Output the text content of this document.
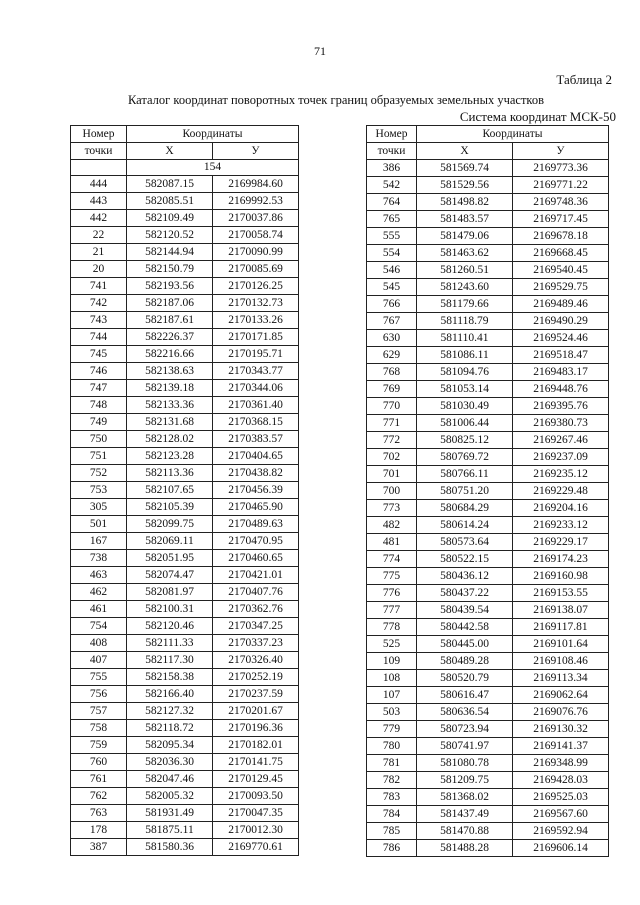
71
Таблица 2
Каталог координат поворотных точек границ образуемых земельных участков
Система координат МСК-50
Номер	Координаты	
точки	X	У
	154	
444	582087.15	2169984.60
443	582085.51	2169992.53
442	582109.49	2170037.86
22	582120.52	2170058.74
21	582144.94	2170090.99
20	582150.79	2170085.69
741	582193.56	2170126.25
742	582187.06	2170132.73
743	582187.61	2170133.26
744	582226.37	2170171.85
745	582216.66	2170195.71
746	582138.63	2170343.77
747	582139.18	2170344.06
748	582133.36	2170361.40
749	582131.68	2170368.15
750	582128.02	2170383.57
751	582123.28	2170404.65
752	582113.36	2170438.82
753	582107.65	2170456.39
305	582105.39	2170465.90
501	582099.75	2170489.63
167	582069.11	2170470.95
738	582051.95	2170460.65
463	582074.47	2170421.01
462	582081.97	2170407.76
461	582100.31	2170362.76
754	582120.46	2170347.25
408	582111.33	2170337.23
407	582117.30	2170326.40
755	582158.38	2170252.19
756	582166.40	2170237.59
757	582127.32	2170201.67
758	582118.72	2170196.36
759	582095.34	2170182.01
760	582036.30	2170141.75
761	582047.46	2170129.45
762	582005.32	2170093.50
763	581931.49	2170047.35
178	581875.11	2170012.30
387	581580.36	2169770.61
Номер	Координаты	
точки	X	У
386	581569.74	2169773.36
542	581529.56	2169771.22
764	581498.82	2169748.36
765	581483.57	2169717.45
555	581479.06	2169678.18
554	581463.62	2169668.45
546	581260.51	2169540.45
545	581243.60	2169529.75
766	581179.66	2169489.46
767	581118.79	2169490.29
630	581110.41	2169524.46
629	581086.11	2169518.47
768	581094.76	2169483.17
769	581053.14	2169448.76
770	581030.49	2169395.76
771	581006.44	2169380.73
772	580825.12	2169267.46
702	580769.72	2169237.09
701	580766.11	2169235.12
700	580751.20	2169229.48
773	580684.29	2169204.16
482	580614.24	2169233.12
481	580573.64	2169229.17
774	580522.15	2169174.23
775	580436.12	2169160.98
776	580437.22	2169153.55
777	580439.54	2169138.07
778	580442.58	2169117.81
525	580445.00	2169101.64
109	580489.28	2169108.46
108	580520.79	2169113.34
107	580616.47	2169062.64
503	580636.54	2169076.76
779	580723.94	2169130.32
780	580741.97	2169141.37
781	581080.78	2169348.99
782	581209.75	2169428.03
783	581368.02	2169525.03
784	581437.49	2169567.60
785	581470.88	2169592.94
786	581488.28	2169606.14
